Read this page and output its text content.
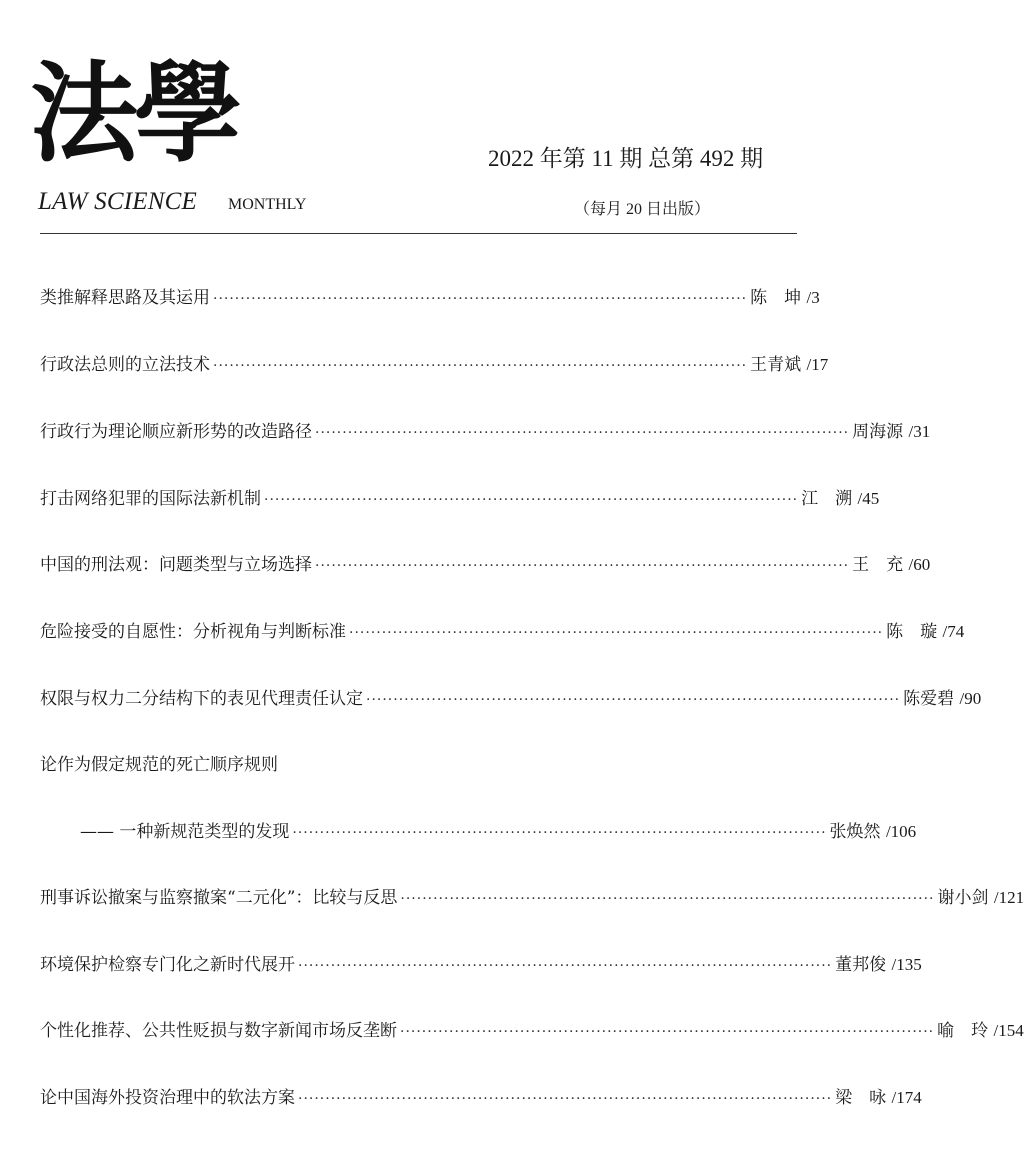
法學	2022 年第 11 期 总第 492 期
LAW SCIENCE MONTHLY	（每月 20 日出版）
类推解释思路及其运用 ·································································································· 陈　坤
/3
行政法总则的立法技术 ·································································································· 王青斌
/17
行政行为理论顺应新形势的改造路径 ·································································································· 周海源
/31
打击网络犯罪的国际法新机制 ·································································································· 江　溯
/45
中国的刑法观：问题类型与立场选择 ·································································································· 王　充
/60
危险接受的自愿性：分析视角与判断标准 ·································································································· 陈　璇
/74
权限与权力二分结构下的表见代理责任认定 ·································································································· 陈爱碧
/90
论作为假定规范的死亡顺序规则
—— 一种新规范类型的发现 ·································································································· 张焕然
/106
刑事诉讼撤案与监察撤案“二元化”：比较与反思 ·································································································· 谢小剑
/121
环境保护检察专门化之新时代展开 ·································································································· 董邦俊
/135
个性化推荐、公共性贬损与数字新闻市场反垄断 ·································································································· 喻　玲
/154
论中国海外投资治理中的软法方案 ·································································································· 梁　咏
/174
